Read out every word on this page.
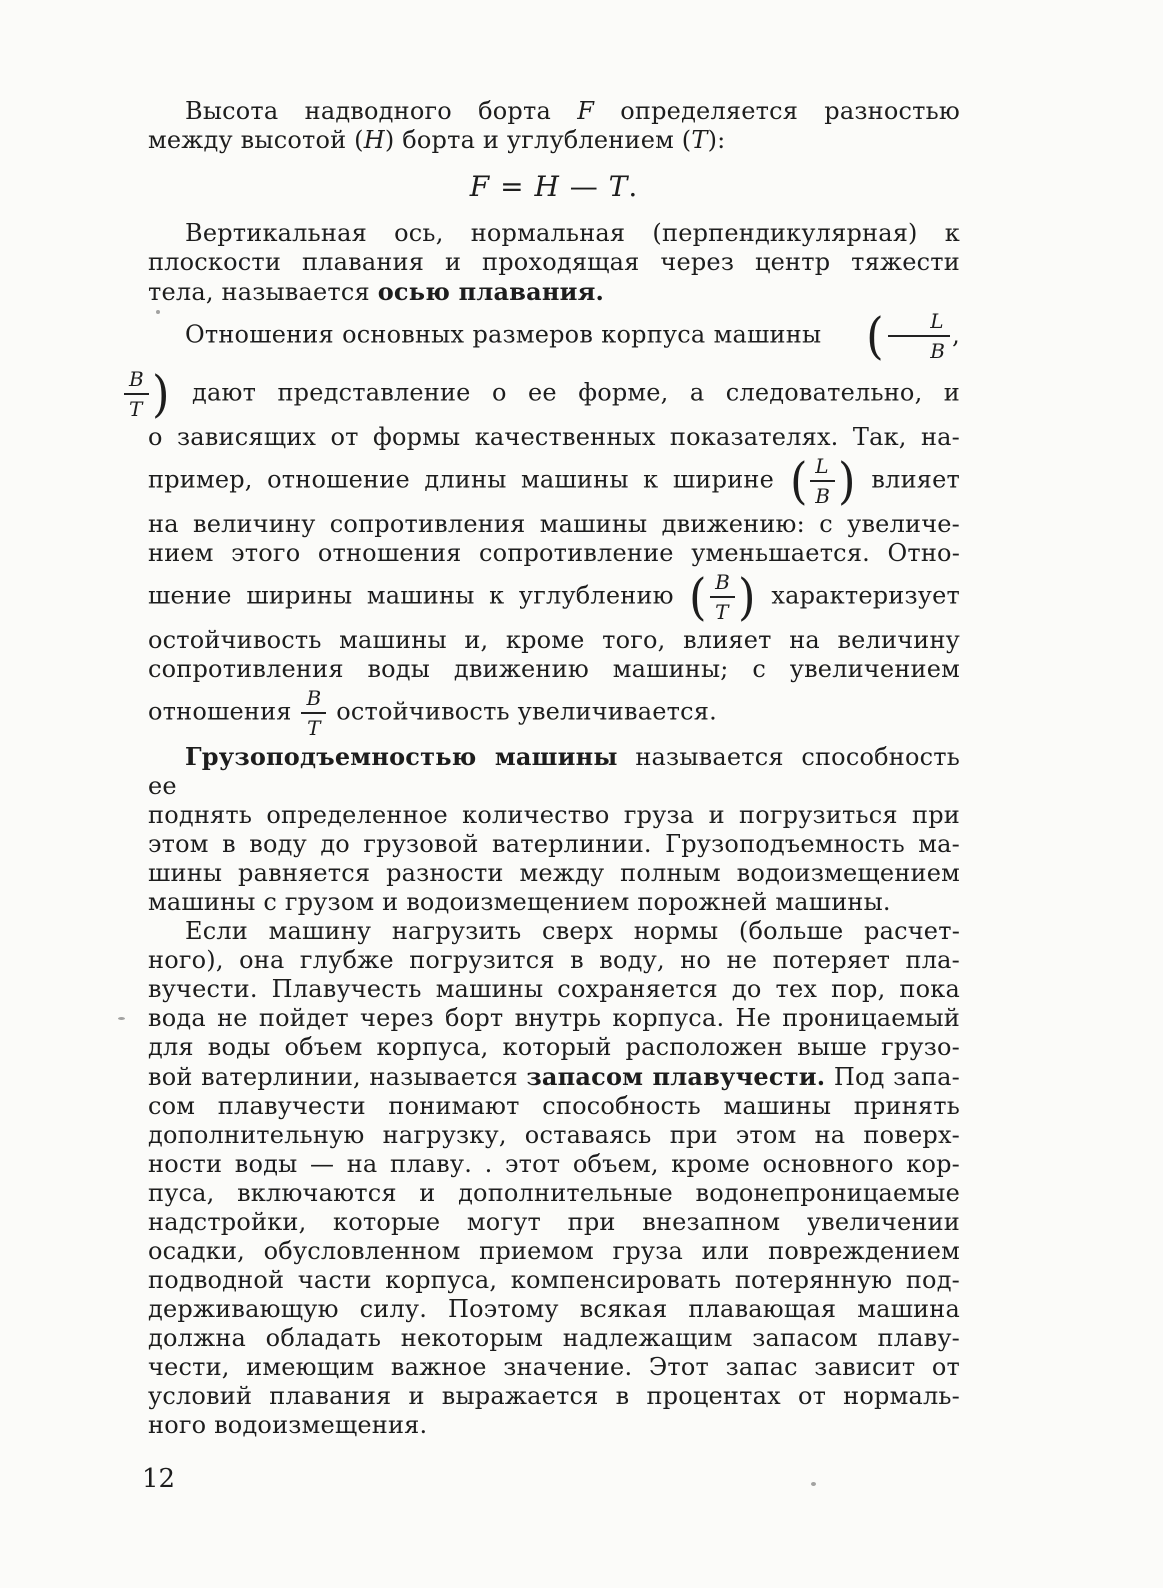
Высота надводного борта F определяется разностью
между высотой (H) борта и углублением (T):
F = H — T.
Вертикальная ось, нормальная (перпендикулярная) к
плоскости плавания и проходящая через центр тяжести
тела, называется осью плавания.
Отношения основных размеров корпуса машины ( $\frac{L}{B}$ ,
$\frac{B}{T}$ ) дают представление о ее форме, а следовательно, и
о зависящих от формы качественных показателях. Так, на-
пример, отношение длины машины к ширине ( $\frac{L}{B}$ ) влияет
на величину сопротивления машины движению: с увеличе-
нием этого отношения сопротивление уменьшается. Отно-
шение ширины машины к углублению ( $\frac{B}{T}$ ) характеризует
остойчивость машины и, кроме того, влияет на величину
сопротивления воды движению машины; с увеличением
отношения $\frac{B}{T}$ остойчивость увеличивается.
Грузоподъемностью машины называется способность ее
поднять определенное количество груза и погрузиться при
этом в воду до грузовой ватерлинии. Грузоподъемность ма-
шины равняется разности между полным водоизмещением
машины с грузом и водоизмещением порожней машины.
Если машину нагрузить сверх нормы (больше расчет-
ного), она глубже погрузится в воду, но не потеряет пла-
вучести. Плавучесть машины сохраняется до тех пор, пока
вода не пойдет через борт внутрь корпуса. Не проницаемый
для воды объем корпуса, который расположен выше грузо-
вой ватерлинии, называется запасом плавучести. Под запа-
сом плавучести понимают способность машины принять
дополнительную нагрузку, оставаясь при этом на поверх-
ности воды — на плаву. . этот объем, кроме основного кор-
пуса, включаются и дополнительные водонепроницаемые
надстройки, которые могут при внезапном увеличении
осадки, обусловленном приемом груза или повреждением
подводной части корпуса, компенсировать потерянную под-
держивающую силу. Поэтому всякая плавающая машина
должна обладать некоторым надлежащим запасом плаву-
чести, имеющим важное значение. Этот запас зависит от
условий плавания и выражается в процентах от нормаль-
ного водоизмещения.
12
